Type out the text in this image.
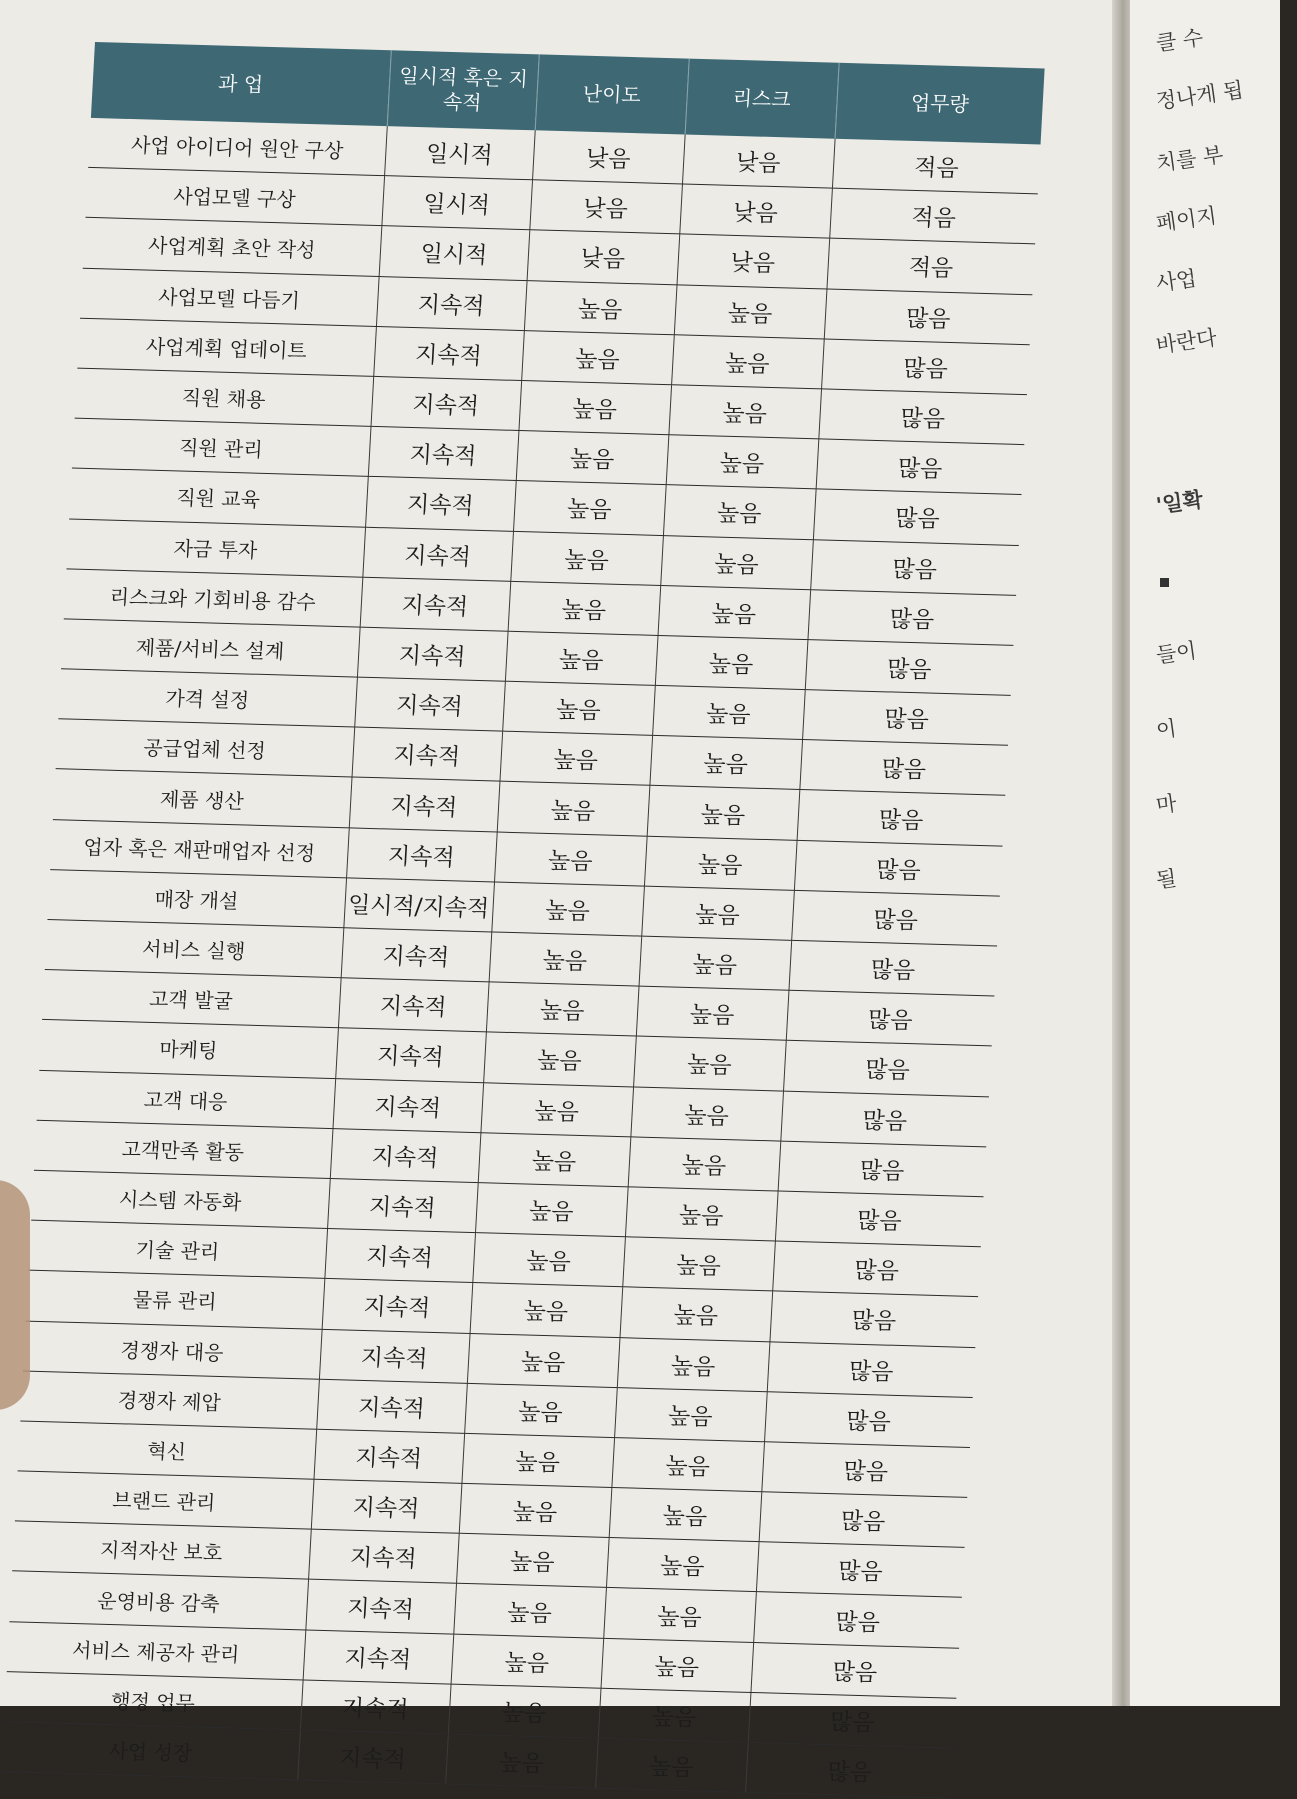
과 업	일시적 혹은 지속적	난이도	리스크	업무량
사업 아이디어 원안 구상	일시적	낮음	낮음	적음
사업모델 구상	일시적	낮음	낮음	적음
사업계획 초안 작성	일시적	낮음	낮음	적음
사업모델 다듬기	지속적	높음	높음	많음
사업계획 업데이트	지속적	높음	높음	많음
직원 채용	지속적	높음	높음	많음
직원 관리	지속적	높음	높음	많음
직원 교육	지속적	높음	높음	많음
자금 투자	지속적	높음	높음	많음
리스크와 기회비용 감수	지속적	높음	높음	많음
제품/서비스 설계	지속적	높음	높음	많음
가격 설정	지속적	높음	높음	많음
공급업체 선정	지속적	높음	높음	많음
제품 생산	지속적	높음	높음	많음
업자 혹은 재판매업자 선정	지속적	높음	높음	많음
매장 개설	일시적/지속적	높음	높음	많음
서비스 실행	지속적	높음	높음	많음
고객 발굴	지속적	높음	높음	많음
마케팅	지속적	높음	높음	많음
고객 대응	지속적	높음	높음	많음
고객만족 활동	지속적	높음	높음	많음
시스템 자동화	지속적	높음	높음	많음
기술 관리	지속적	높음	높음	많음
물류 관리	지속적	높음	높음	많음
경쟁자 대응	지속적	높음	높음	많음
경쟁자 제압	지속적	높음	높음	많음
혁신	지속적	높음	높음	많음
브랜드 관리	지속적	높음	높음	많음
지적자산 보호	지속적	높음	높음	많음
운영비용 감축	지속적	높음	높음	많음
서비스 제공자 관리	지속적	높음	높음	많음
행정 업무	지속적	높음	높음	많음
사업 성장	지속적	높음	높음	많음
클 수
정나게 됩
치를 부
페이지
사업
바란다
'일확
들이
이
마
될
